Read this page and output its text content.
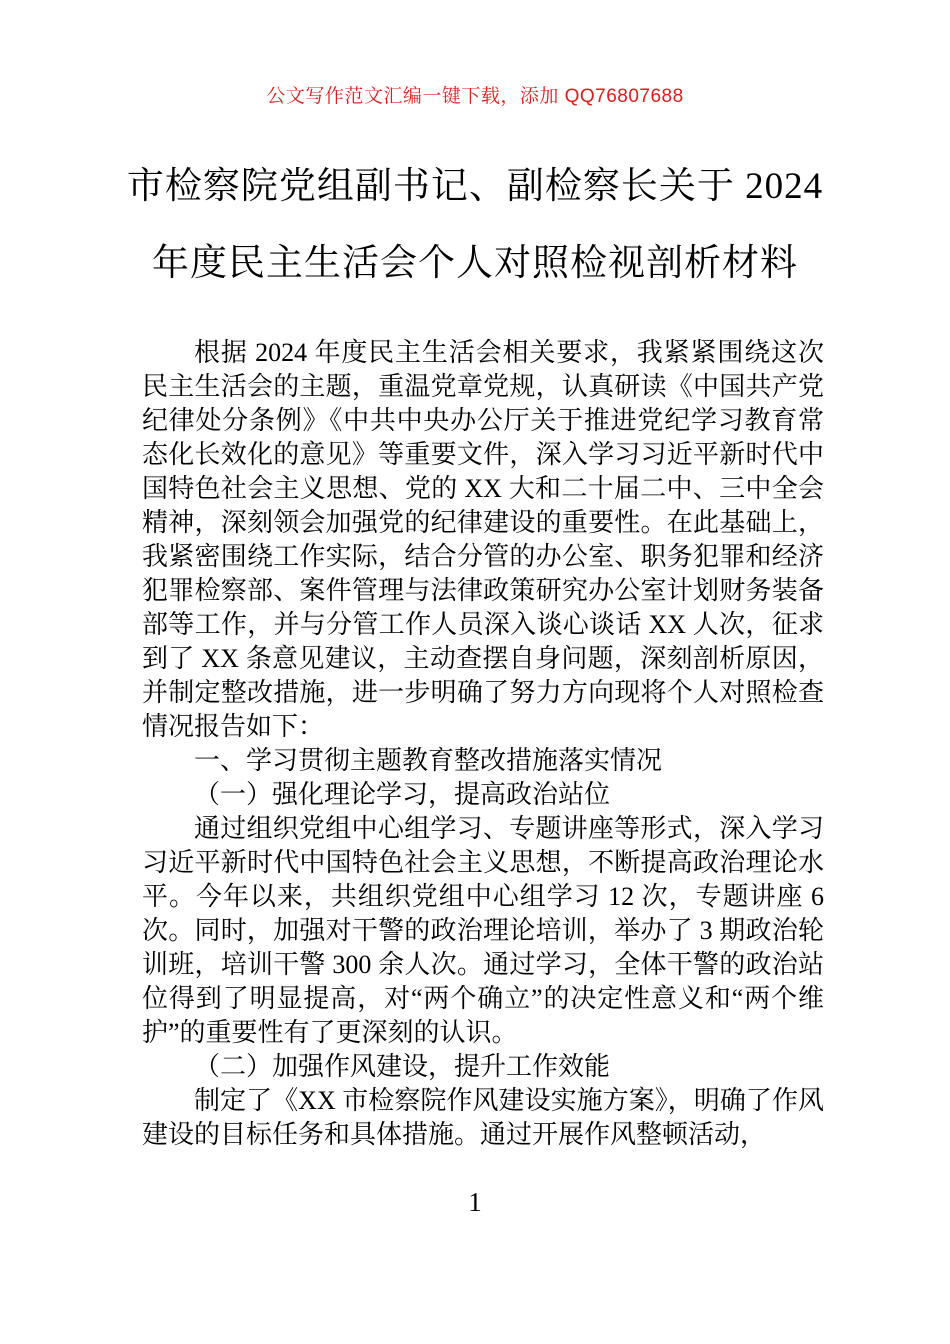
公文写作范文汇编一键下载，添加 QQ76807688
市检察院党组副书记、副检察长关于 2024
年度民主生活会个人对照检视剖析材料

根据 2024 年度民主生活会相关要求，我紧紧围绕这次民主生活会的主题，重温党章党规，认真研读《中国共产党纪律处分条例》《中共中央办公厅关于推进党纪学习教育常态化长效化的意见》等重要文件，深入学习习近平新时代中国特色社会主义思想、党的 XX 大和二十届二中、三中全会精神，深刻领会加强党的纪律建设的重要性。在此基础上，我紧密围绕工作实际，结合分管的办公室、职务犯罪和经济犯罪检察部、案件管理与法律政策研究办公室计划财务装备部等工作，并与分管工作人员深入谈心谈话 XX 人次，征求到了 XX 条意见建议，主动查摆自身问题，深刻剖析原因，并制定整改措施，进一步明确了努力方向现将个人对照检查情况报告如下：

一、学习贯彻主题教育整改措施落实情况

（一）强化理论学习，提高政治站位

通过组织党组中心组学习、专题讲座等形式，深入学习习近平新时代中国特色社会主义思想，不断提高政治理论水平。今年以来，共组织党组中心组学习 12 次，专题讲座 6 次。同时，加强对干警的政治理论培训，举办了 3 期政治轮训班，培训干警 300 余人次。通过学习，全体干警的政治站位得到了明显提高，对“两个确立”的决定性意义和“两个维护”的重要性有了更深刻的认识。

（二）加强作风建设，提升工作效能

制定了《XX 市检察院作风建设实施方案》，明确了作风建设的目标任务和具体措施。通过开展作风整顿活动，

1
